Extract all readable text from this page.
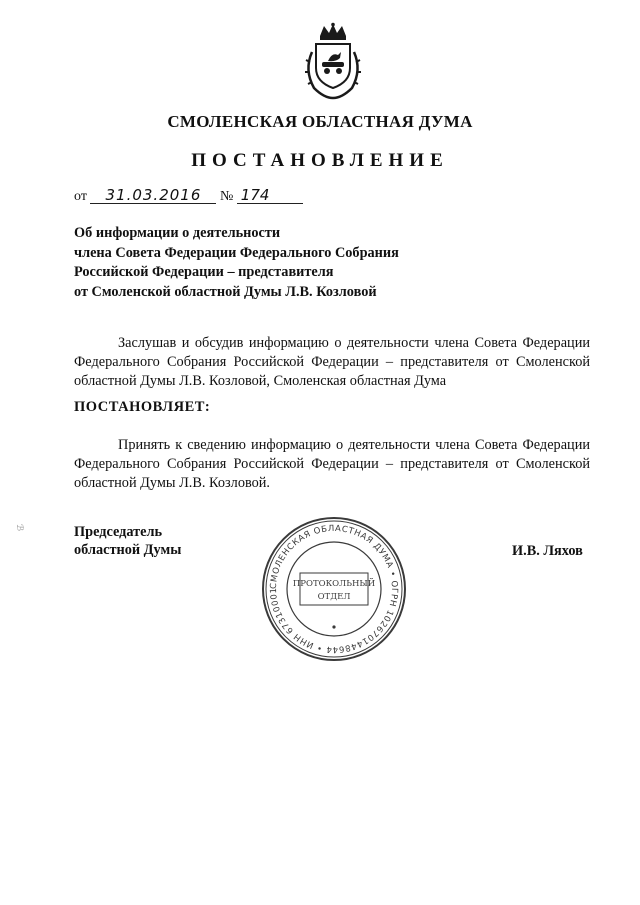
СМОЛЕНСКАЯ ОБЛАСТНАЯ ДУМА
ПОСТАНОВЛЕНИЕ
от 31.03.2016 № 174
Об информации о деятельности
члена Совета Федерации Федерального Собрания
Российской Федерации – представителя
от Смоленской областной Думы Л.В. Козловой
Заслушав и обсудив информацию о деятельности члена Совета Федерации Федерального Собрания Российской Федерации – представителя от Смоленской областной Думы Л.В. Козловой, Смоленская областная Дума
ПОСТАНОВЛЯЕТ:
Принять к сведению информацию о деятельности члена Совета Федерации Федерального Собрания Российской Федерации – представителя от Смоленской областной Думы Л.В. Козловой.
Председатель
областной Думы	И.В. Ляхов
СМОЛЕНСКАЯ ОБЛАСТНАЯ ДУМА • ОГРН 1026701448644 • ИНН 67310001
ПРОТОКОЛЬНЫЙ
ОТДЕЛ
ℬ
